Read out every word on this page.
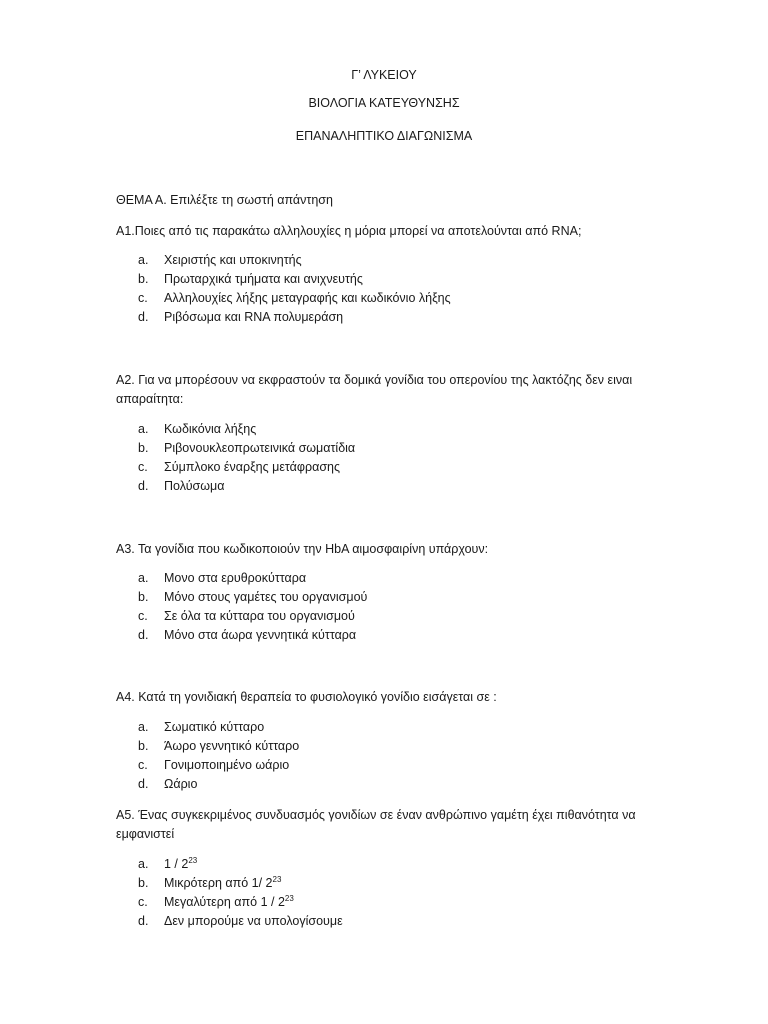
Γ’ ΛΥΚΕΙΟΥ
ΒΙΟΛΟΓΙΑ ΚΑΤΕΥΘΥΝΣΗΣ
ΕΠΑΝΑΛΗΠΤΙΚΟ ΔΙΑΓΩΝΙΣΜΑ
ΘΕΜΑ Α. Επιλέξτε τη σωστή απάντηση
Α1.Ποιες από τις παρακάτω αλληλουχίες η μόρια μπορεί να αποτελούνται από RNA;
a. Χειριστής και υποκινητής
b. Πρωταρχικά τμήματα και ανιχνευτής
c. Αλληλουχίες λήξης μεταγραφής και κωδικόνιο λήξης
d. Ριβόσωμα και RNA πολυμεράση
Α2. Για να μπορέσουν να εκφραστούν τα δομικά γονίδια του οπερονίου της λακτόζης δεν ειναι απαραίτητα:
a. Κωδικόνια λήξης
b. Ριβονουκλεοπρωτεινικά σωματίδια
c. Σύμπλοκο έναρξης μετάφρασης
d. Πολύσωμα
Α3. Τα γονίδια που κωδικοποιούν την HbA αιμοσφαιρίνη υπάρχουν:
a. Μονο στα ερυθροκύτταρα
b. Μόνο στους γαμέτες του οργανισμού
c. Σε όλα τα κύτταρα του οργανισμού
d. Μόνο στα άωρα γεννητικά κύτταρα
Α4. Κατά τη γονιδιακή θεραπεία το φυσιολογικό γονίδιο εισάγεται σε :
a. Σωματικό κύτταρο
b. Άωρο γεννητικό κύτταρο
c. Γονιμοποιημένο ωάριο
d. Ωάριο
Α5. Ένας συγκεκριμένος συνδυασμός γονιδίων σε έναν ανθρώπινο γαμέτη έχει πιθανότητα να εμφανιστεί
a. $1 / 2^{23}$
b. Μικρότερη από 1/ $2^{23}$
c. Μεγαλύτερη από $1 / 2^{23}$
d. Δεν μπορούμε να υπολογίσουμε
